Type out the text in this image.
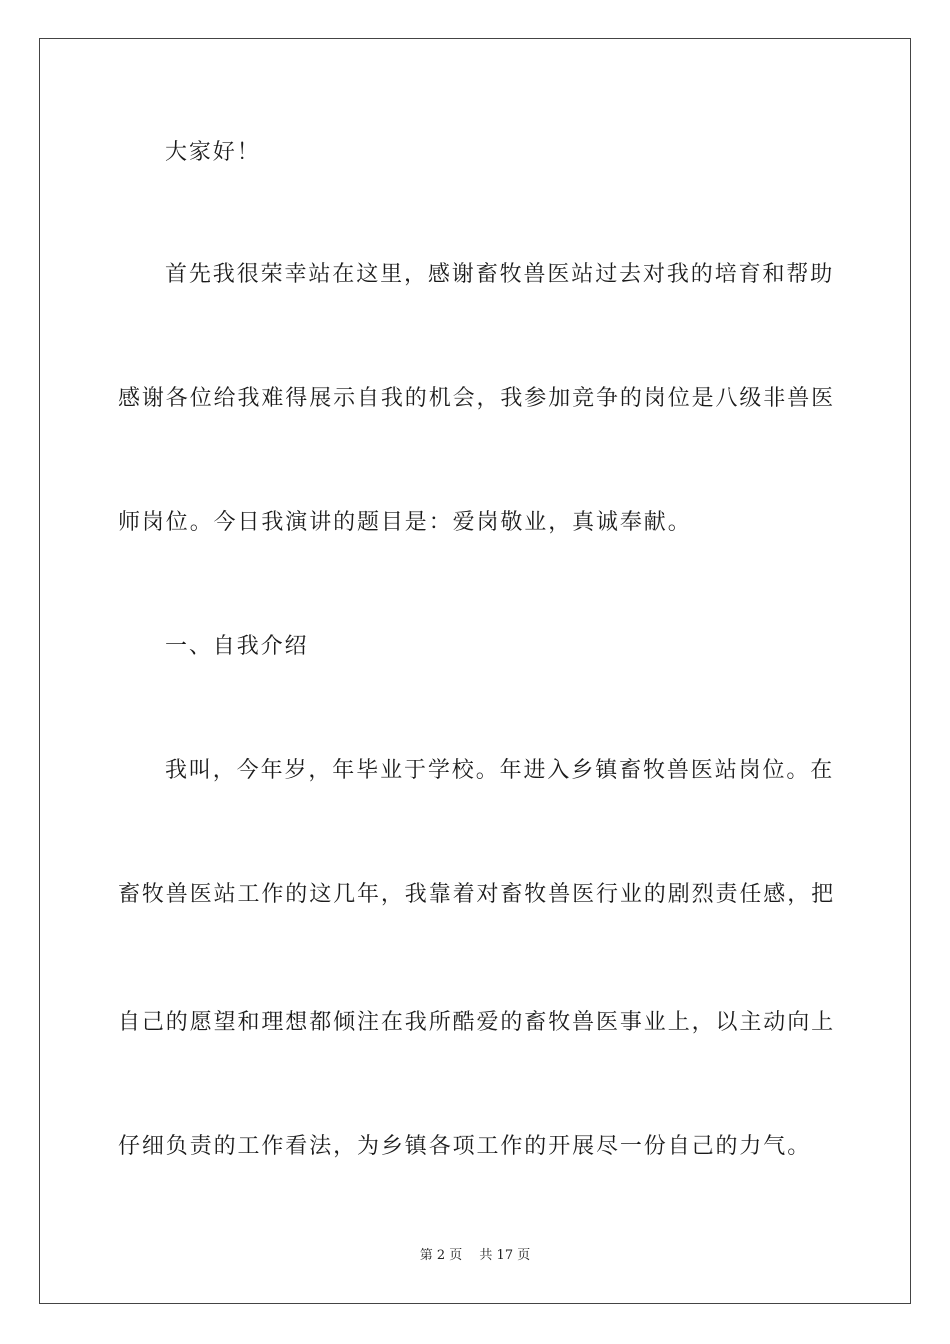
大家好！
首先我很荣幸站在这里，感谢畜牧兽医站过去对我的培育和帮助
感谢各位给我难得展示自我的机会，我参加竞争的岗位是八级非兽医
师岗位。今日我演讲的题目是：爱岗敬业，真诚奉献。
一、自我介绍
我叫，今年岁，年毕业于学校。年进入乡镇畜牧兽医站岗位。在
畜牧兽医站工作的这几年，我靠着对畜牧兽医行业的剧烈责任感，把
自己的愿望和理想都倾注在我所酷爱的畜牧兽医事业上，以主动向上
仔细负责的工作看法，为乡镇各项工作的开展尽一份自己的力气。
第 2 页　 共 17 页
